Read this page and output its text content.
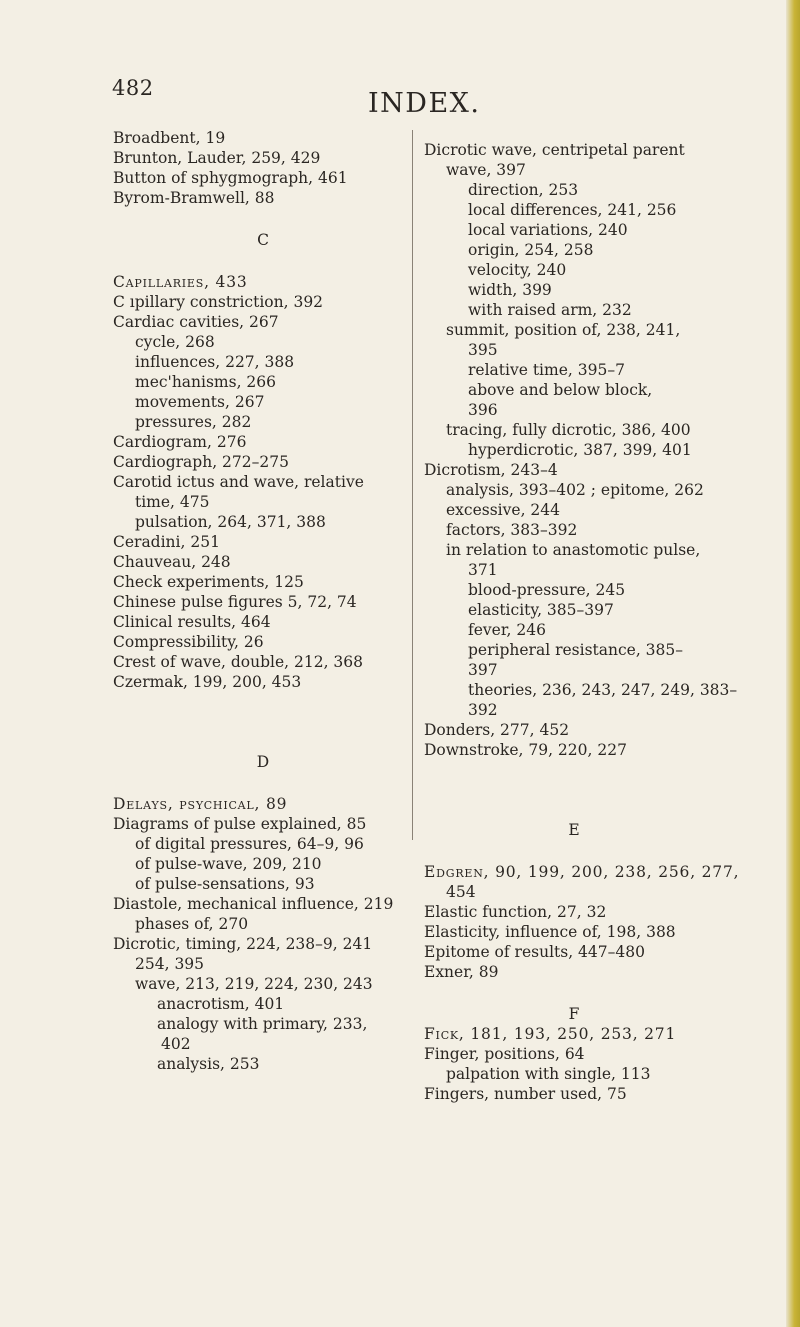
482	INDEX.
Broadbent, 19
Brunton, Lauder, 259, 429
Button of sphygmograph, 461
Byrom-Bramwell, 88
C
Capillaries, 433
C ıpillary constriction, 392
Cardiac cavities, 267
cycle, 268
influences, 227, 388
mec'hanisms, 266
movements, 267
pressures, 282
Cardiogram, 276
Cardiograph, 272–275
Carotid ictus and wave, relative
time, 475
pulsation, 264, 371, 388
Ceradini, 251
Chauveau, 248
Check experiments, 125
Chinese pulse figures 5, 72, 74
Clinical results, 464
Compressibility, 26
Crest of wave, double, 212, 368
Czermak, 199, 200, 453
D
Delays, psychical, 89
Diagrams of pulse explained, 85
of digital pressures, 64–9, 96
of pulse-wave, 209, 210
of pulse-sensations, 93
Diastole, mechanical influence, 219
phases of, 270
Dicrotic, timing, 224, 238–9, 241
254, 395
wave, 213, 219, 224, 230, 243
anacrotism, 401
analogy with primary, 233,
402
analysis, 253
Dicrotic wave, centripetal parent
wave, 397
direction, 253
local differences, 241, 256
local variations, 240
origin, 254, 258
velocity, 240
width, 399
with raised arm, 232
summit, position of, 238, 241,
395
relative time, 395–7
above and below block,
396
tracing, fully dicrotic, 386, 400
hyperdicrotic, 387, 399, 401
Dicrotism, 243–4
analysis, 393–402 ; epitome, 262
excessive, 244
factors, 383–392
in relation to anastomotic pulse,
371
blood-pressure, 245
elasticity, 385–397
fever, 246
peripheral resistance, 385–
397
theories, 236, 243, 247, 249, 383–
392
Donders, 277, 452
Downstroke, 79, 220, 227
E
Edgren, 90, 199, 200, 238, 256, 277,
454
Elastic function, 27, 32
Elasticity, influence of, 198, 388
Epitome of results, 447–480
Exner, 89
F
Fick, 181, 193, 250, 253, 271
Finger, positions, 64
palpation with single, 113
Fingers, number used, 75
